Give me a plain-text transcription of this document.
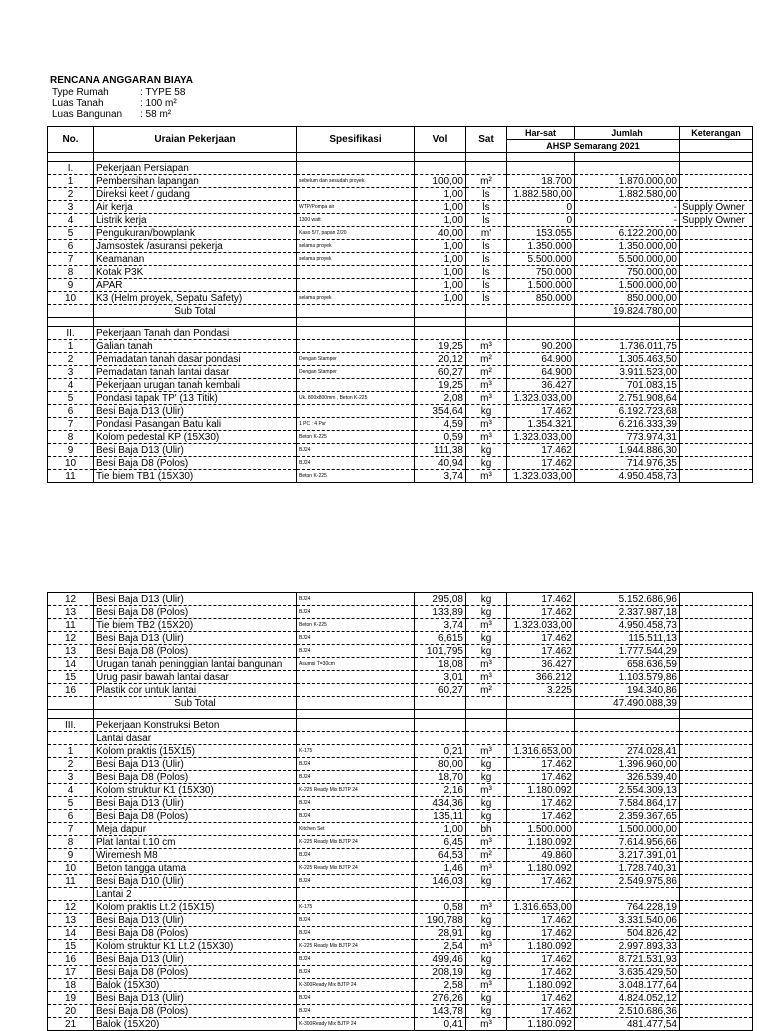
RENCANA ANGGARAN BIAYA
Type Rumah	: TYPE 58
Luas Tanah	: 100 m²
Luas Bangunan : 58 m²
No.	Uraian Pekerjaan	Spesifikasi	Vol	Sat	Har-sat	Jumlah	Keterangan
					AHSP Semarang 2021		

I.	Pekerjaan Persiapan						
1	Pembersihan lapangan	sebelum dan sesudah proyek	100,00	m²	18.700	1.870.000,00	
2	Direksi keet / gudang		1,00	ls	1.882.580,00	1.882.580,00	
3	Air kerja	WTP/Pompa air	1,00	ls	0	-	Supply Owner
4	Listrik kerja	1300 watt	1,00	ls	0	-	Supply Owner
5	Pengukuran/bowplank	Kaso 5/7, papan 2/20	40,00	m'	153.055	6.122.200,00	
6	Jamsostek /asuransi pekerja	selama proyek	1,00	ls	1.350.000	1.350.000,00	
7	Keamanan	selama proyek	1,00	ls	5.500.000	5.500.000,00	
8	Kotak P3K		1,00	ls	750.000	750.000,00	
9	APAR		1,00	ls	1.500.000	1.500.000,00	
10	K3 (Helm proyek, Sepatu Safety)	selama proyek	1,00	ls	850.000	850.000,00	
	Sub Total					19.824.780,00	

II.	Pekerjaan Tanah dan Pondasi						
1	Galian tanah		19,25	m³	90.200	1.736.011,75	
2	Pemadatan tanah dasar pondasi	Dengan Stamper	20,12	m²	64.900	1.305.463,50	
3	Pemadatan tanah lantai dasar	Dengan Stamper	60,27	m²	64.900	3.911.523,00	
4	Pekerjaan urugan tanah kembali		19,25	m³	36.427	701.083,15	
5	Pondasi tapak TP' (13 Titik)	Uk. 800x800mm , Beton K-225	2,08	m³	1.323.033,00	2.751.908,64	
6	Besi Baja D13 (Ulir)		354,64	kg	17.462	6.192.723,68	
7	Pondasi Pasangan Batu kali	1 PC : 4 Psr	4,59	m³	1.354.321	6.216.333,39	
8	Kolom pedestal KP (15X30)	Beton K-225	0,59	m³	1.323.033,00	773.974,31	
9	Besi Baja D13 (Ulir)	BJ24	111,38	kg	17.462	1.944.886,30	
10	Besi Baja D8 (Polos)	BJ24	40,94	kg	17.462	714.976,35	
11	Tie biem TB1 (15X30)	Beton K-225	3,74	m³	1.323.033,00	4.950.458,73	
12	Besi Baja D13 (Ulir)	BJ24	295,08	kg	17.462	5.152.686,96	
13	Besi Baja D8 (Polos)	BJ24	133,89	kg	17.462	2.337.987,18	
11	Tie biem TB2 (15X20)	Beton K-225	3,74	m³	1.323.033,00	4.950.458,73	
12	Besi Baja D13 (Ulir)	BJ24	6,615	kg	17.462	115.511,13	
13	Besi Baja D8 (Polos)	BJ24	101,795	kg	17.462	1.777.544,29	
14	Urugan tanah peninggian lantai bangunan	Asumsi T=30cm	18,08	m³	36.427	658.636,59	
15	Urug pasir bawah lantai dasar		3,01	m³	366.212	1.103.579,86	
16	Plastik cor untuk lantai		60,27	m²	3.225	194.340,86	
	Sub Total					47.490.088,39	

III.	Pekerjaan Konstruksi Beton						
	Lantai dasar						
1	Kolom praktis (15X15)	K-175	0,21	m³	1.316.653,00	274.028,41	
2	Besi Baja D13 (Ulir)	BJ24	80,00	kg	17.462	1.396.960,00	
3	Besi Baja D8 (Polos)	BJ24	18,70	kg	17.462	326.539,40	
4	Kolom struktur K1 (15X30)	K-225 Ready Mix BJTP 24	2,16	m³	1.180.092	2.554.309,13	
5	Besi Baja D13 (Ulir)	BJ24	434,36	kg	17.462	7.584.864,17	
6	Besi Baja D8 (Polos)	BJ24	135,11	kg	17.462	2.359.367,65	
7	Meja dapur	Kitchen Set	1,00	bh	1.500.000	1.500.000,00	
8	Plat lantai t.10 cm	K-225 Ready Mix BJTP 24	6,45	m³	1.180.092	7.614.956,66	
9	Wiremesh M8	BJ24	64,53	m²	49.860	3.217.391,01	
10	Beton tangga utama	K-225 Ready Mix BJTP 24	1,46	m³	1.180.092	1.728.740,31	
11	Besi Baja D10 (Ulir)	BJ24	146,03	kg	17.462	2.549.975,86	
	Lantai 2						
12	Kolom praktis Lt.2 (15X15)	K-175	0,58	m³	1.316.653,00	764.228,19	
13	Besi Baja D13 (Ulir)	BJ24	190,788	kg	17.462	3.331.540,06	
14	Besi Baja D8 (Polos)	BJ24	28,91	kg	17.462	504.826,42	
15	Kolom struktur K1 Lt.2 (15X30)	K-225 Ready Mix BJTP 24	2,54	m³	1.180.092	2.997.893,33	
16	Besi Baja D13 (Ulir)	BJ24	499,46	kg	17.462	8.721.531,93	
17	Besi Baja D8 (Polos)	BJ24	208,19	kg	17.462	3.635.429,50	
18	Balok (15X30)	K-300Ready Mix BJTP 24	2,58	m³	1.180.092	3.048.177,64	
19	Besi Baja D13 (Ulir)	BJ24	276,26	kg	17.462	4.824.052,12	
20	Besi Baja D8 (Polos)	BJ24	143,78	kg	17.462	2.510.686,36	
21	Balok (15X20)	K-300Ready Mix BJTP 24	0,41	m³	1.180.092	481.477,54	
